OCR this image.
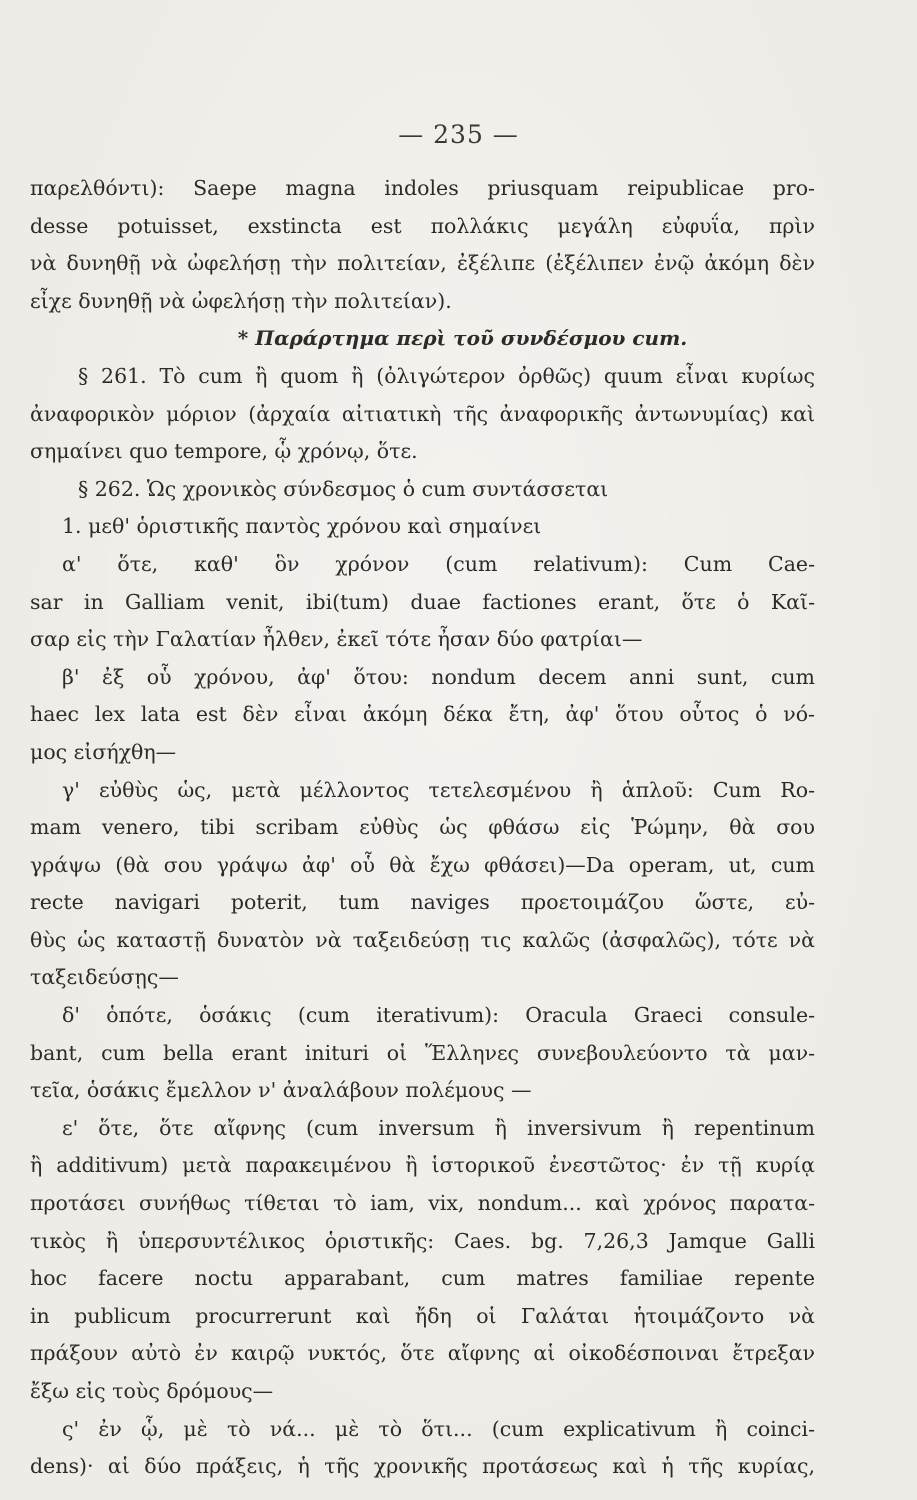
— 235 —
παρελθόντι): Saepe magna indoles priusquam reipublicae pro-
desse potuisset, exstincta est πολλάκις μεγάλη εὐφυΐα, πρὶν
νὰ δυνηθῇ νὰ ὠφελήσῃ τὴν πολιτείαν, ἐξέλιπε (ἐξέλιπεν ἐνῷ ἀκόμη δὲν
εἶχε δυνηθῇ νὰ ὠφελήσῃ τὴν πολιτείαν).
* Παράρτημα περὶ τοῦ συνδέσμου cum.
§ 261. Τὸ cum ἢ quom ἢ (ὀλιγώτερον ὀρθῶς) quum εἶναι κυρίως
ἀναφορικὸν μόριον (ἀρχαία αἰτιατικὴ τῆς ἀναφορικῆς ἀντωνυμίας) καὶ
σημαίνει quo tempore, ᾧ χρόνῳ, ὅτε.
§ 262. Ὡς χρονικὸς σύνδεσμος ὁ cum συντάσσεται
1. μεθ' ὁριστικῆς παντὸς χρόνου καὶ σημαίνει
α' ὅτε, καθ' ὃν χρόνον (cum relativum): Cum Cae-
sar in Galliam venit, ibi(tum) duae factiones erant, ὅτε ὁ Καῖ-
σαρ εἰς τὴν Γαλατίαν ἦλθεν, ἐκεῖ τότε ἦσαν δύο φατρίαι—
β' ἐξ οὗ χρόνου, ἀφ' ὅτου: nondum decem anni sunt, cum
haec lex lata est δὲν εἶναι ἀκόμη δέκα ἔτη, ἀφ' ὅτου οὗτος ὁ νό-
μος εἰσήχθη—
γ' εὐθὺς ὡς, μετὰ μέλλοντος τετελεσμένου ἢ ἁπλοῦ: Cum Ro-
mam venero, tibi scribam εὐθὺς ὡς φθάσω εἰς Ῥώμην, θὰ σου
γράψω (θὰ σου γράψω ἀφ' οὗ θὰ ἔχω φθάσει)—Da operam, ut, cum
recte navigari poterit, tum naviges προετοιμάζου ὥστε, εὐ-
θὺς ὡς καταστῇ δυνατὸν νὰ ταξειδεύσῃ τις καλῶς (ἀσφαλῶς), τότε νὰ
ταξειδεύσῃς—
δ' ὁπότε, ὁσάκις (cum iterativum): Oracula Graeci consule-
bant, cum bella erant inituri οἱ Ἕλληνες συνεβουλεύοντο τὰ μαν-
τεῖα, ὁσάκις ἔμελλον ν' ἀναλάβουν πολέμους —
ε' ὅτε, ὅτε αἴφνης (cum inversum ἢ inversivum ἢ repentinum
ἢ additivum) μετὰ παρακειμένου ἢ ἱστορικοῦ ἐνεστῶτος· ἐν τῇ κυρίᾳ
προτάσει συνήθως τίθεται τὸ iam, vix, nondum... καὶ χρόνος παρατα-
τικὸς ἢ ὑπερσυντέλικος ὁριστικῆς: Caes. bg. 7,26,3 Jamque Galli
hoc facere noctu apparabant, cum matres familiae repente
in publicum procurrerunt καὶ ἤδη οἱ Γαλάται ἡτοιμάζοντο νὰ
πράξουν αὐτὸ ἐν καιρῷ νυκτός, ὅτε αἴφνης αἱ οἰκοδέσποιναι ἔτρεξαν
ἔξω εἰς τοὺς δρόμους—
ς' ἐν ᾧ, μὲ τὸ νά... μὲ τὸ ὅτι... (cum explicativum ἢ coinci-
dens)· αἱ δύο πράξεις, ἡ τῆς χρονικῆς προτάσεως καὶ ἡ τῆς κυρίας,
